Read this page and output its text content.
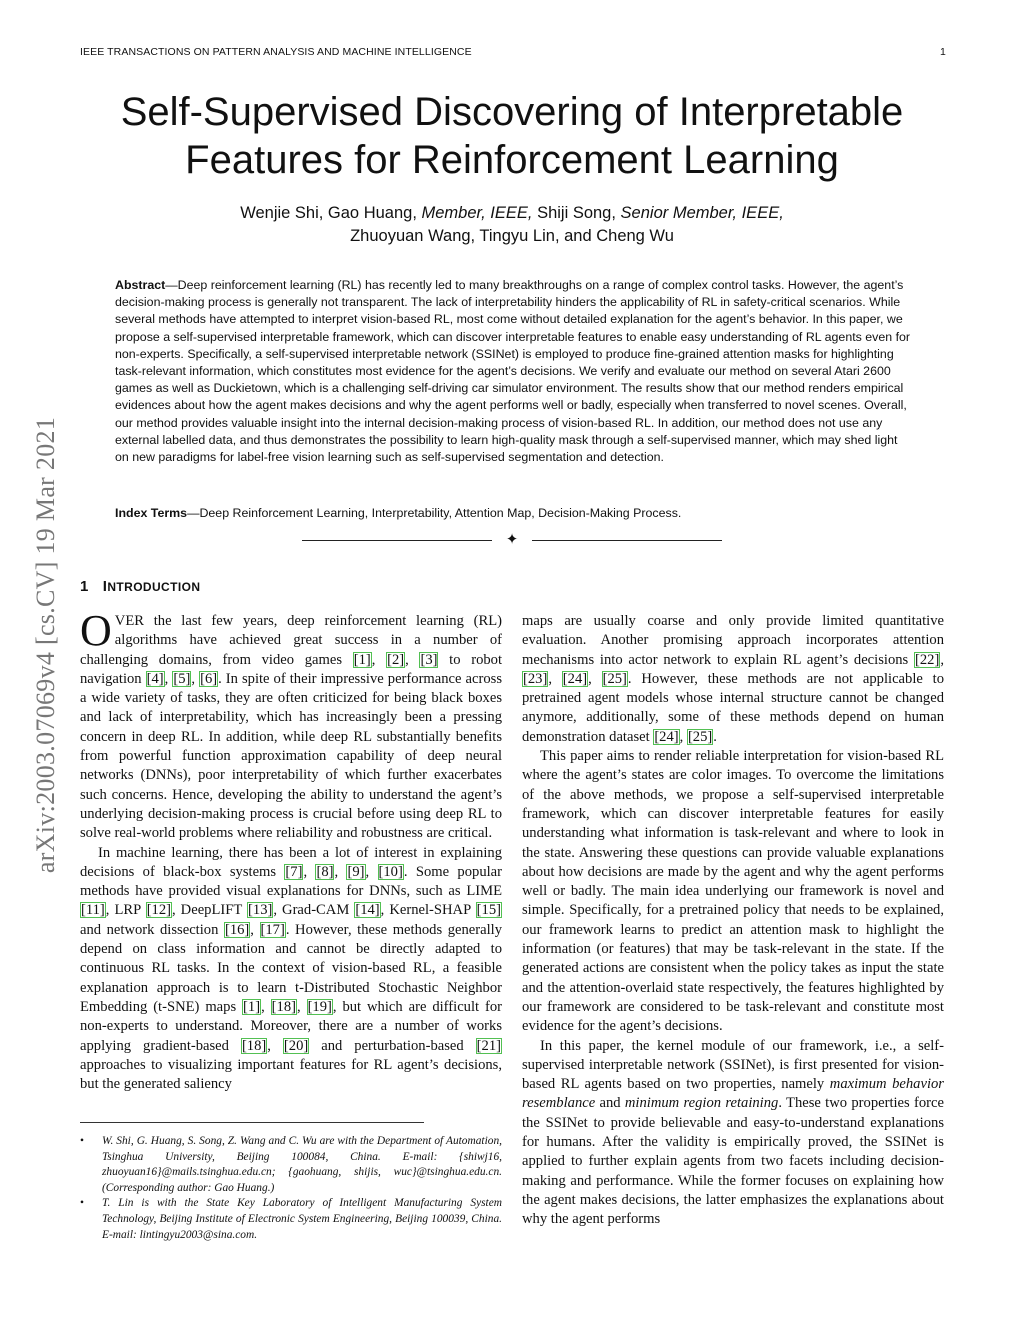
IEEE TRANSACTIONS ON PATTERN ANALYSIS AND MACHINE INTELLIGENCE	1
arXiv:2003.07069v4 [cs.CV] 19 Mar 2021
Self-Supervised Discovering of Interpretable
Features for Reinforcement Learning
Wenjie Shi, Gao Huang, Member, IEEE, Shiji Song, Senior Member, IEEE,
Zhuoyuan Wang, Tingyu Lin, and Cheng Wu
Abstract—Deep reinforcement learning (RL) has recently led to many breakthroughs on a range of complex control tasks. However, the agent’s decision-making process is generally not transparent. The lack of interpretability hinders the applicability of RL in safety-critical scenarios. While several methods have attempted to interpret vision-based RL, most come without detailed explanation for the agent’s behavior. In this paper, we propose a self-supervised interpretable framework, which can discover interpretable features to enable easy understanding of RL agents even for non-experts. Specifically, a self-supervised interpretable network (SSINet) is employed to produce fine-grained attention masks for highlighting task-relevant information, which constitutes most evidence for the agent’s decisions. We verify and evaluate our method on several Atari 2600 games as well as Duckietown, which is a challenging self-driving car simulator environment. The results show that our method renders empirical evidences about how the agent makes decisions and why the agent performs well or badly, especially when transferred to novel scenes. Overall, our method provides valuable insight into the internal decision-making process of vision-based RL. In addition, our method does not use any external labelled data, and thus demonstrates the possibility to learn high-quality mask through a self-supervised manner, which may shed light on new paradigms for label-free vision learning such as self-supervised segmentation and detection.
Index Terms—Deep Reinforcement Learning, Interpretability, Attention Map, Decision-Making Process.
✦
1 INTRODUCTION

OVER the last few years, deep reinforcement learning (RL) algorithms have achieved great success in a number of challenging domains, from video games [1], [2], [3] to robot navigation [4], [5], [6]. In spite of their impressive performance across a wide variety of tasks, they are often criticized for being black boxes and lack of interpretability, which has increasingly been a pressing concern in deep RL. In addition, while deep RL substantially benefits from powerful function approximation capability of deep neural networks (DNNs), poor interpretability of which further exacerbates such concerns. Hence, developing the ability to understand the agent’s underlying decision-making process is crucial before using deep RL to solve real-world problems where reliability and robustness are critical.

In machine learning, there has been a lot of interest in explaining decisions of black-box systems [7], [8], [9], [10]. Some popular methods have provided visual explanations for DNNs, such as LIME [11], LRP [12], DeepLIFT [13], Grad-CAM [14], Kernel-SHAP [15] and network dissection [16], [17]. However, these methods generally depend on class information and cannot be directly adapted to continuous RL tasks. In the context of vision-based RL, a feasible explanation approach is to learn t-Distributed Stochastic Neighbor Embedding (t-SNE) maps [1], [18], [19], but which are difficult for non-experts to understand. Moreover, there are a number of works applying gradient-based [18], [20] and perturbation-based [21] approaches to visualizing important features for RL agent’s decisions, but the generated saliency

• W. Shi, G. Huang, S. Song, Z. Wang and C. Wu are with the Department of Automation, Tsinghua University, Beijing 100084, China. E-mail: {shiwj16, zhuoyuan16}@mails.tsinghua.edu.cn; {gaohuang, shijis, wuc}@tsinghua.edu.cn. (Corresponding author: Gao Huang.)
• T. Lin is with the State Key Laboratory of Intelligent Manufacturing System Technology, Beijing Institute of Electronic System Engineering, Beijing 100039, China. E-mail: lintingyu2003@sina.com.

maps are usually coarse and only provide limited quantitative evaluation. Another promising approach incorporates attention mechanisms into actor network to explain RL agent’s decisions [22], [23], [24], [25]. However, these methods are not applicable to pretrained agent models whose internal structure cannot be changed anymore, additionally, some of these methods depend on human demonstration dataset [24], [25].

This paper aims to render reliable interpretation for vision-based RL where the agent’s states are color images. To overcome the limitations of the above methods, we propose a self-supervised interpretable framework, which can discover interpretable features for easily understanding what information is task-relevant and where to look in the state. Answering these questions can provide valuable explanations about how decisions are made by the agent and why the agent performs well or badly. The main idea underlying our framework is novel and simple. Specifically, for a pretrained policy that needs to be explained, our framework learns to predict an attention mask to highlight the information (or features) that may be task-relevant in the state. If the generated actions are consistent when the policy takes as input the state and the attention-overlaid state respectively, the features highlighted by our framework are considered to be task-relevant and constitute most evidence for the agent’s decisions.

In this paper, the kernel module of our framework, i.e., a self-supervised interpretable network (SSINet), is first presented for vision-based RL agents based on two properties, namely maximum behavior resemblance and minimum region retaining. These two properties force the SSINet to provide believable and easy-to-understand explanations for humans. After the validity is empirically proved, the SSINet is applied to further explain agents from two facets including decision-making and performance. While the former focuses on explaining how the agent makes decisions, the latter emphasizes the explanations about why the agent performs
